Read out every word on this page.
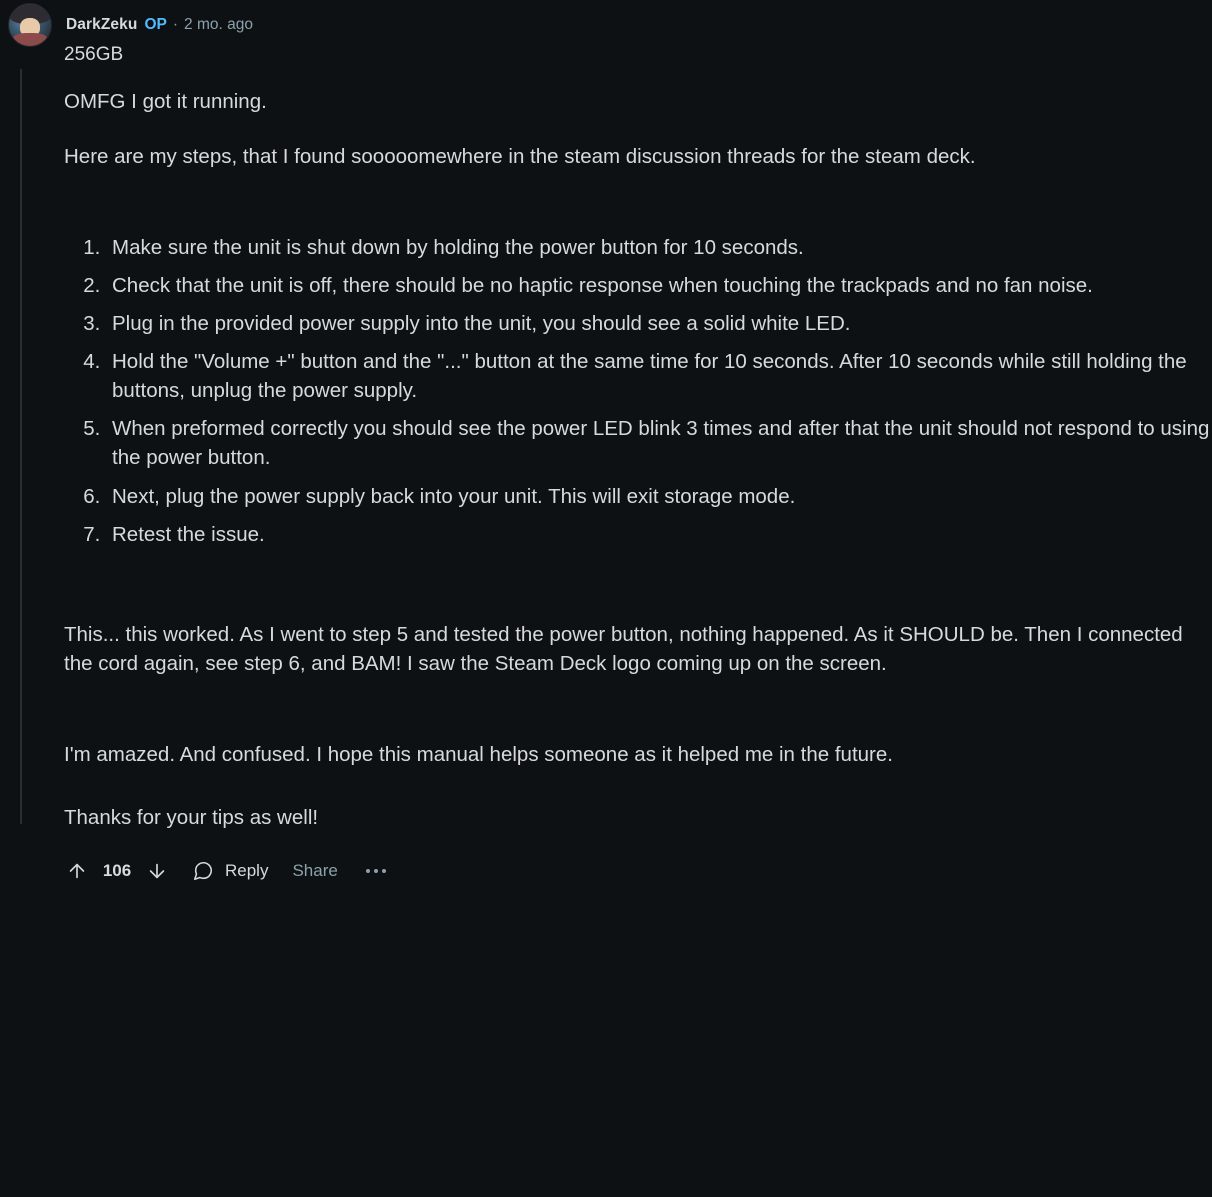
DarkZeku OP · 2 mo. ago
256GB

OMFG I got it running.

Here are my steps, that I found sooooomewhere in the steam discussion threads for the steam deck.

1. Make sure the unit is shut down by holding the power button for 10 seconds.
2. Check that the unit is off, there should be no haptic response when touching the trackpads and no fan noise.
3. Plug in the provided power supply into the unit, you should see a solid white LED.
4. Hold the "Volume +" button and the "..." button at the same time for 10 seconds. After 10 seconds while still holding the buttons, unplug the power supply.
5. When preformed correctly you should see the power LED blink 3 times and after that the unit should not respond to using the power button.
6. Next, plug the power supply back into your unit. This will exit storage mode.
7. Retest the issue.

This... this worked. As I went to step 5 and tested the power button, nothing happened. As it SHOULD be. Then I connected the cord again, see step 6, and BAM! I saw the Steam Deck logo coming up on the screen.

I'm amazed. And confused. I hope this manual helps someone as it helped me in the future.

Thanks for your tips as well!

106	Reply Share
